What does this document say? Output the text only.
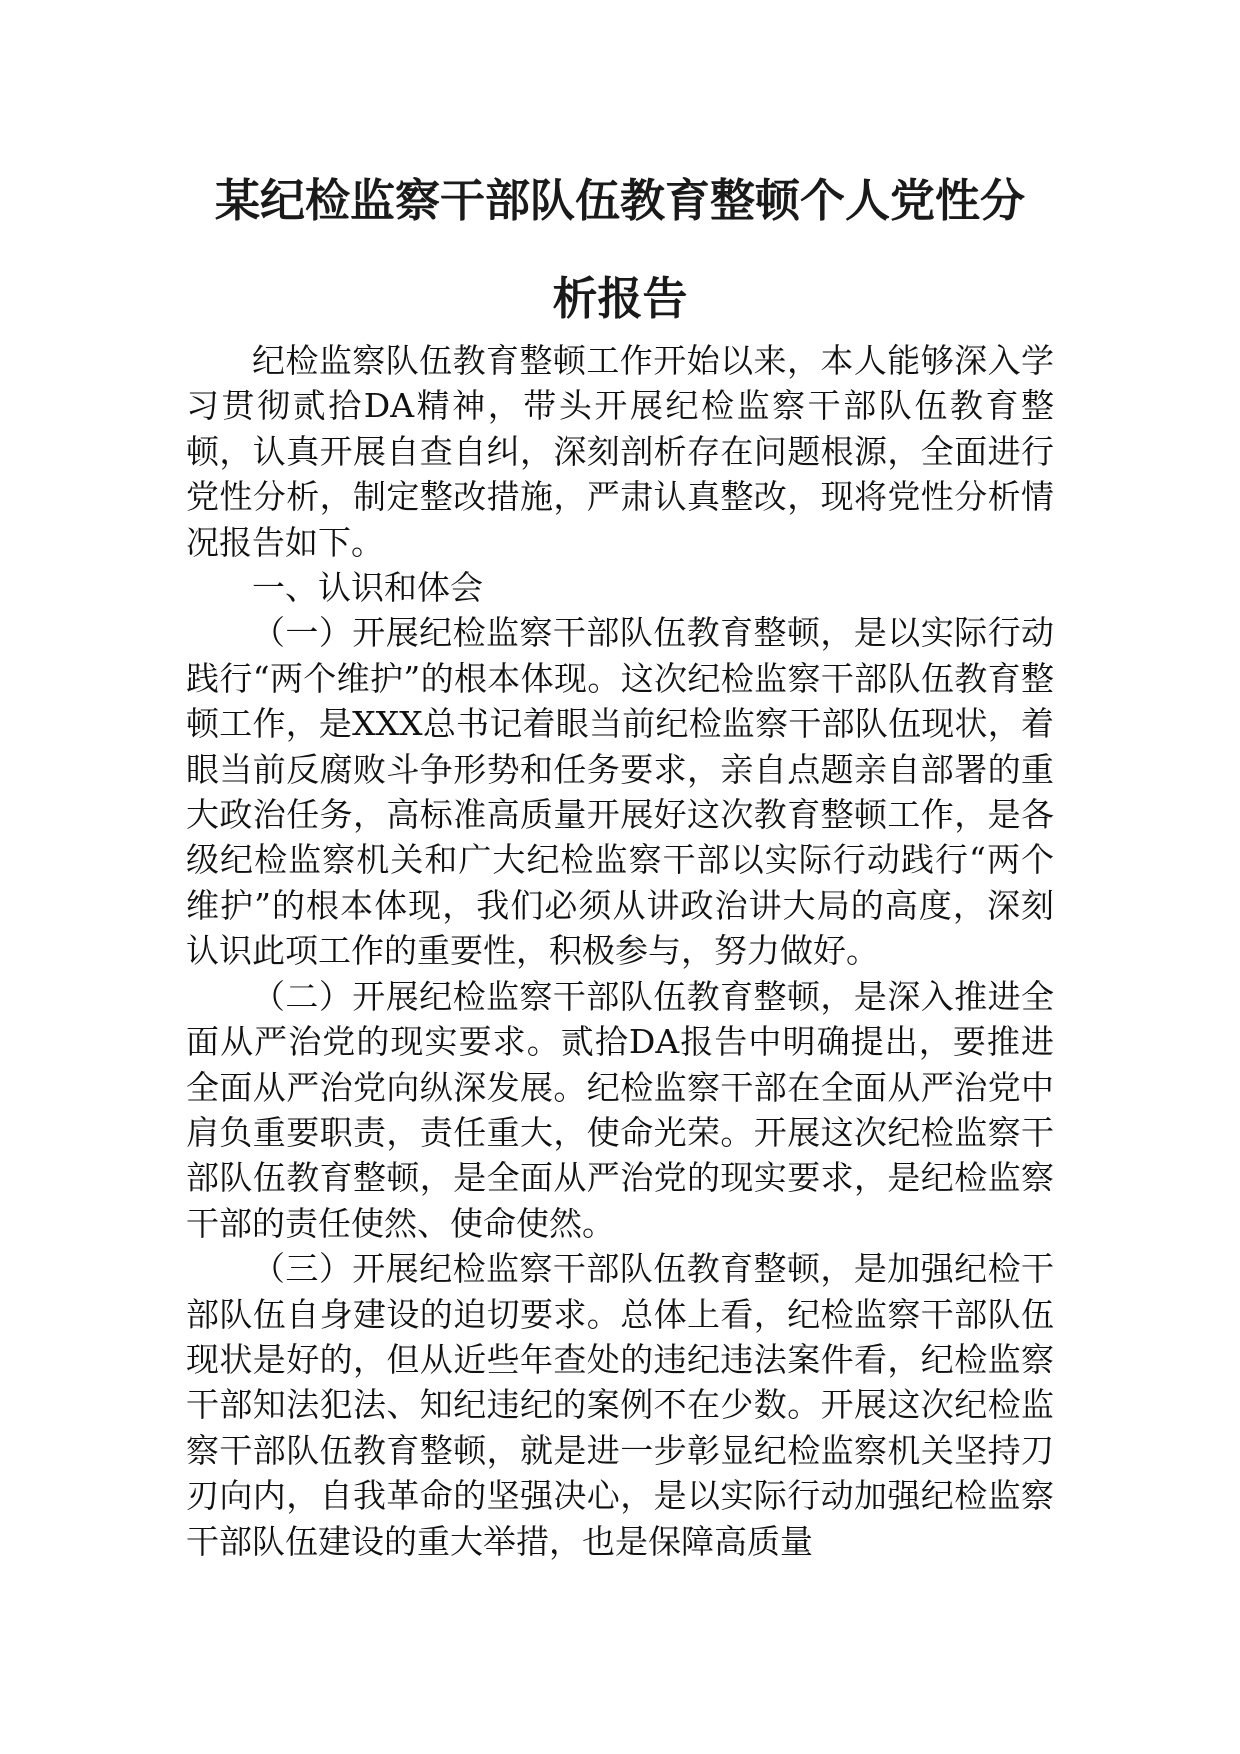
某纪检监察干部队伍教育整顿个人党性分
析报告

纪检监察队伍教育整顿工作开始以来，本人能够深入学习贯彻贰拾DA精神，带头开展纪检监察干部队伍教育整顿，认真开展自查自纠，深刻剖析存在问题根源，全面进行党性分析，制定整改措施，严肃认真整改，现将党性分析情况报告如下。

一、认识和体会

（一）开展纪检监察干部队伍教育整顿，是以实际行动践行“两个维护”的根本体现。这次纪检监察干部队伍教育整顿工作，是XXX总书记着眼当前纪检监察干部队伍现状，着眼当前反腐败斗争形势和任务要求，亲自点题亲自部署的重大政治任务，高标准高质量开展好这次教育整顿工作，是各级纪检监察机关和广大纪检监察干部以实际行动践行“两个维护”的根本体现，我们必须从讲政治讲大局的高度，深刻认识此项工作的重要性，积极参与，努力做好。

（二）开展纪检监察干部队伍教育整顿，是深入推进全面从严治党的现实要求。贰拾DA报告中明确提出，要推进全面从严治党向纵深发展。纪检监察干部在全面从严治党中肩负重要职责，责任重大，使命光荣。开展这次纪检监察干部队伍教育整顿，是全面从严治党的现实要求，是纪检监察干部的责任使然、使命使然。

（三）开展纪检监察干部队伍教育整顿，是加强纪检干部队伍自身建设的迫切要求。总体上看，纪检监察干部队伍现状是好的，但从近些年查处的违纪违法案件看，纪检监察干部知法犯法、知纪违纪的案例不在少数。开展这次纪检监察干部队伍教育整顿，就是进一步彰显纪检监察机关坚持刀刃向内，自我革命的坚强决心，是以实际行动加强纪检监察干部队伍建设的重大举措，也是保障高质量
